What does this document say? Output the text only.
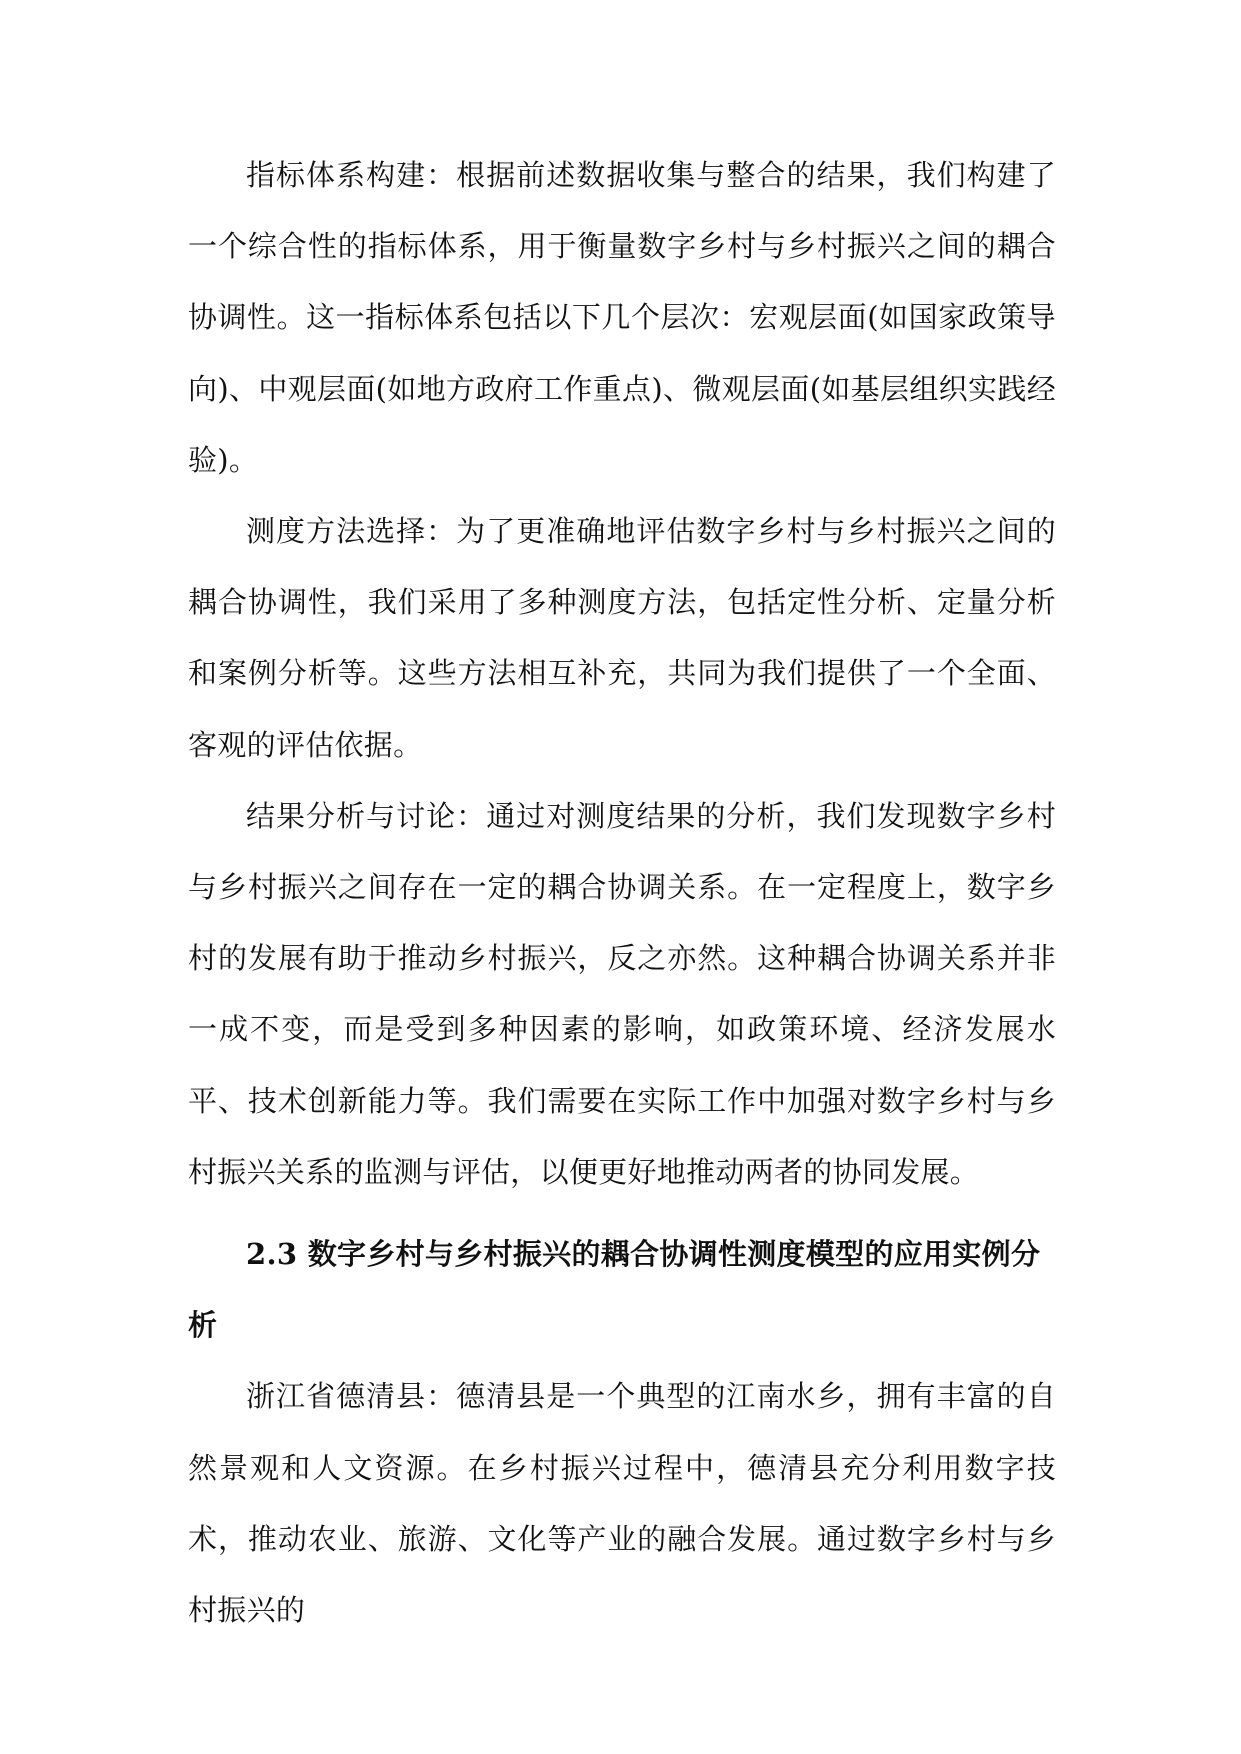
指标体系构建：根据前述数据收集与整合的结果，我们构建了一个综合性的指标体系，用于衡量数字乡村与乡村振兴之间的耦合协调性。这一指标体系包括以下几个层次：宏观层面(如国家政策导向)、中观层面(如地方政府工作重点)、微观层面(如基层组织实践经验)。

测度方法选择：为了更准确地评估数字乡村与乡村振兴之间的耦合协调性，我们采用了多种测度方法，包括定性分析、定量分析和案例分析等。这些方法相互补充，共同为我们提供了一个全面、客观的评估依据。

结果分析与讨论：通过对测度结果的分析，我们发现数字乡村与乡村振兴之间存在一定的耦合协调关系。在一定程度上，数字乡村的发展有助于推动乡村振兴，反之亦然。这种耦合协调关系并非一成不变，而是受到多种因素的影响，如政策环境、经济发展水平、技术创新能力等。我们需要在实际工作中加强对数字乡村与乡村振兴关系的监测与评估，以便更好地推动两者的协同发展。

2.3 数字乡村与乡村振兴的耦合协调性测度模型的应用实例分析

浙江省德清县：德清县是一个典型的江南水乡，拥有丰富的自然景观和人文资源。在乡村振兴过程中，德清县充分利用数字技术，推动农业、旅游、文化等产业的融合发展。通过数字乡村与乡村振兴的
